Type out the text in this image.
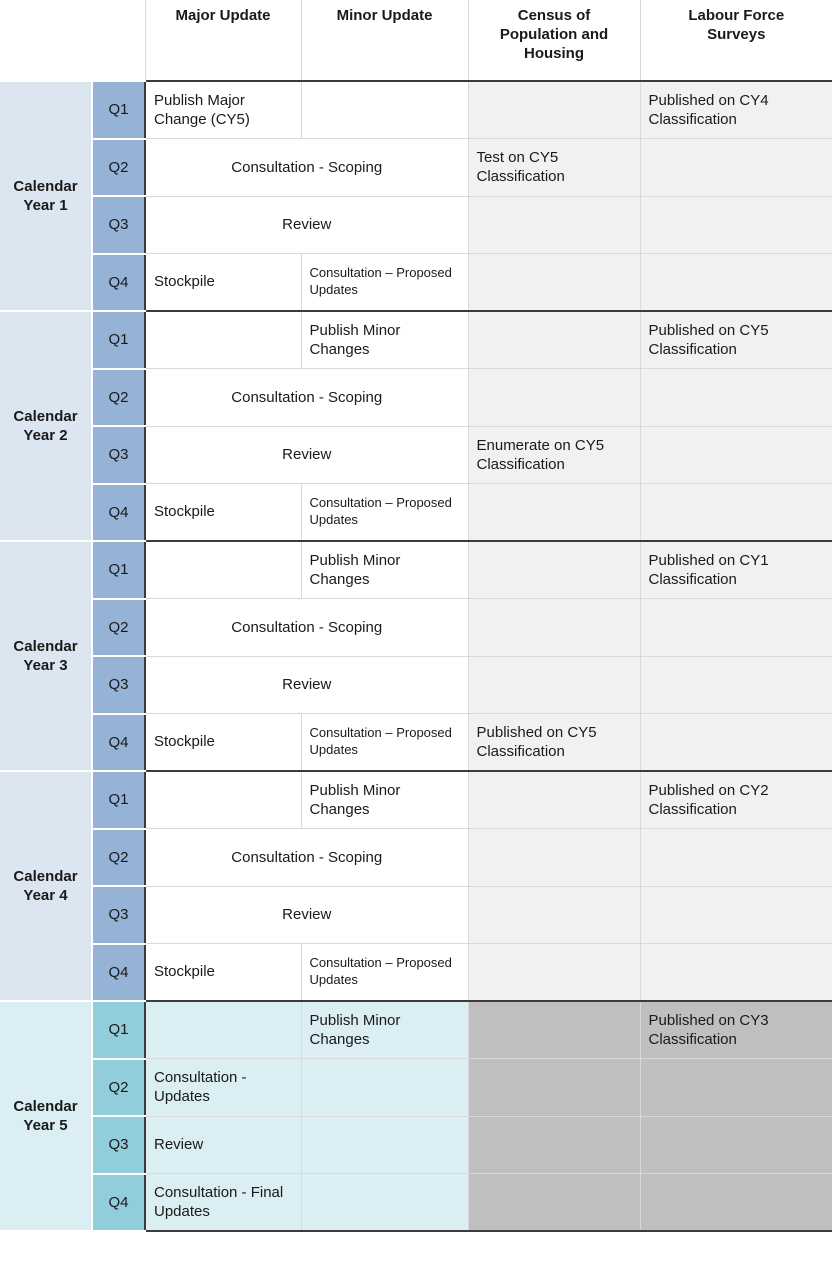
		Major Update	Minor Update	Census of Population and Housing	Labour Force Surveys
Calendar Year 1	Q1	Publish Major Change (CY5)			Published on CY4 Classification
	Q2	Consultation - Scoping		Test on CY5 Classification	
	Q3	Review			
	Q4	Stockpile	Consultation – Proposed Updates		
Calendar Year 2	Q1		Publish Minor Changes		Published on CY5 Classification
	Q2	Consultation - Scoping			
	Q3	Review		Enumerate on CY5 Classification	
	Q4	Stockpile	Consultation – Proposed Updates		
Calendar Year 3	Q1		Publish Minor Changes		Published on CY1 Classification
	Q2	Consultation - Scoping			
	Q3	Review			
	Q4	Stockpile	Consultation – Proposed Updates	Published on CY5 Classification	
Calendar Year 4	Q1		Publish Minor Changes		Published on CY2 Classification
	Q2	Consultation - Scoping			
	Q3	Review			
	Q4	Stockpile	Consultation – Proposed Updates		
Calendar Year 5	Q1		Publish Minor Changes		Published on CY3 Classification
	Q2	Consultation - Updates			
	Q3	Review			
	Q4	Consultation - Final Updates			
